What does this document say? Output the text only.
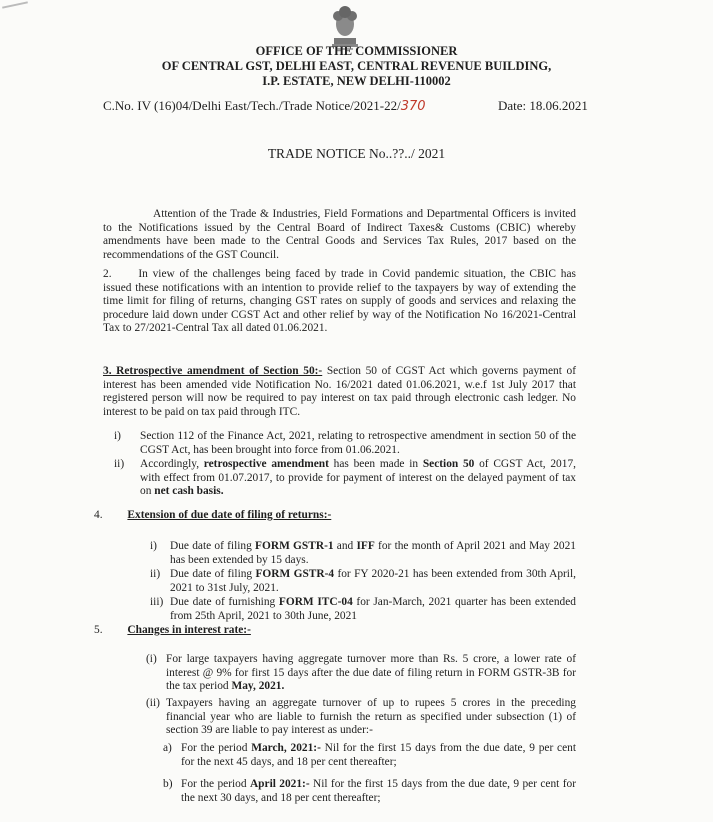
OFFICE OF THE COMMISSIONER
OF CENTRAL GST, DELHI EAST, CENTRAL REVENUE BUILDING,
I.P. ESTATE, NEW DELHI-110002
C.No. IV (16)04/Delhi East/Tech./Trade Notice/2021-22/370	Date: 18.06.2021
TRADE NOTICE No..??../ 2021
Attention of the Trade & Industries, Field Formations and Departmental Officers is invited to the Notifications issued by the Central Board of Indirect Taxes& Customs (CBIC) whereby amendments have been made to the Central Goods and Services Tax Rules, 2017 based on the recommendations of the GST Council.
2. In view of the challenges being faced by trade in Covid pandemic situation, the CBIC has issued these notifications with an intention to provide relief to the taxpayers by way of extending the time limit for filing of returns, changing GST rates on supply of goods and services and relaxing the procedure laid down under CGST Act and other relief by way of the Notification No 16/2021-Central Tax to 27/2021-Central Tax all dated 01.06.2021.
3. Retrospective amendment of Section 50:- Section 50 of CGST Act which governs payment of interest has been amended vide Notification No. 16/2021 dated 01.06.2021, w.e.f 1st July 2017 that registered person will now be required to pay interest on tax paid through electronic cash ledger. No interest to be paid on tax paid through ITC.
i)	Section 112 of the Finance Act, 2021, relating to retrospective amendment in section 50 of the CGST Act, has been brought into force from 01.06.2021.
ii)	Accordingly, retrospective amendment has been made in Section 50 of CGST Act, 2017, with effect from 01.07.2017, to provide for payment of interest on the delayed payment of tax on net cash basis.
4. Extension of due date of filing of returns:-
i)	Due date of filing FORM GSTR-1 and IFF for the month of April 2021 and May 2021 has been extended by 15 days.
ii) Due date of filing FORM GSTR-4 for FY 2020-21 has been extended from 30th April, 2021 to 31st July, 2021.
iii) Due date of furnishing FORM ITC-04 for Jan-March, 2021 quarter has been extended from 25th April, 2021 to 30th June, 2021
5. Changes in interest rate:-
(i) For large taxpayers having aggregate turnover more than Rs. 5 crore, a lower rate of interest @ 9% for first 15 days after the due date of filing return in FORM GSTR-3B for the tax period May, 2021.
(ii) Taxpayers having an aggregate turnover of up to rupees 5 crores in the preceding financial year who are liable to furnish the return as specified under subsection (1) of section 39 are liable to pay interest as under:-
a) For the period March, 2021:- Nil for the first 15 days from the due date, 9 per cent for the next 45 days, and 18 per cent thereafter;
b) For the period April 2021:- Nil for the first 15 days from the due date, 9 per cent for the next 30 days, and 18 per cent thereafter;
